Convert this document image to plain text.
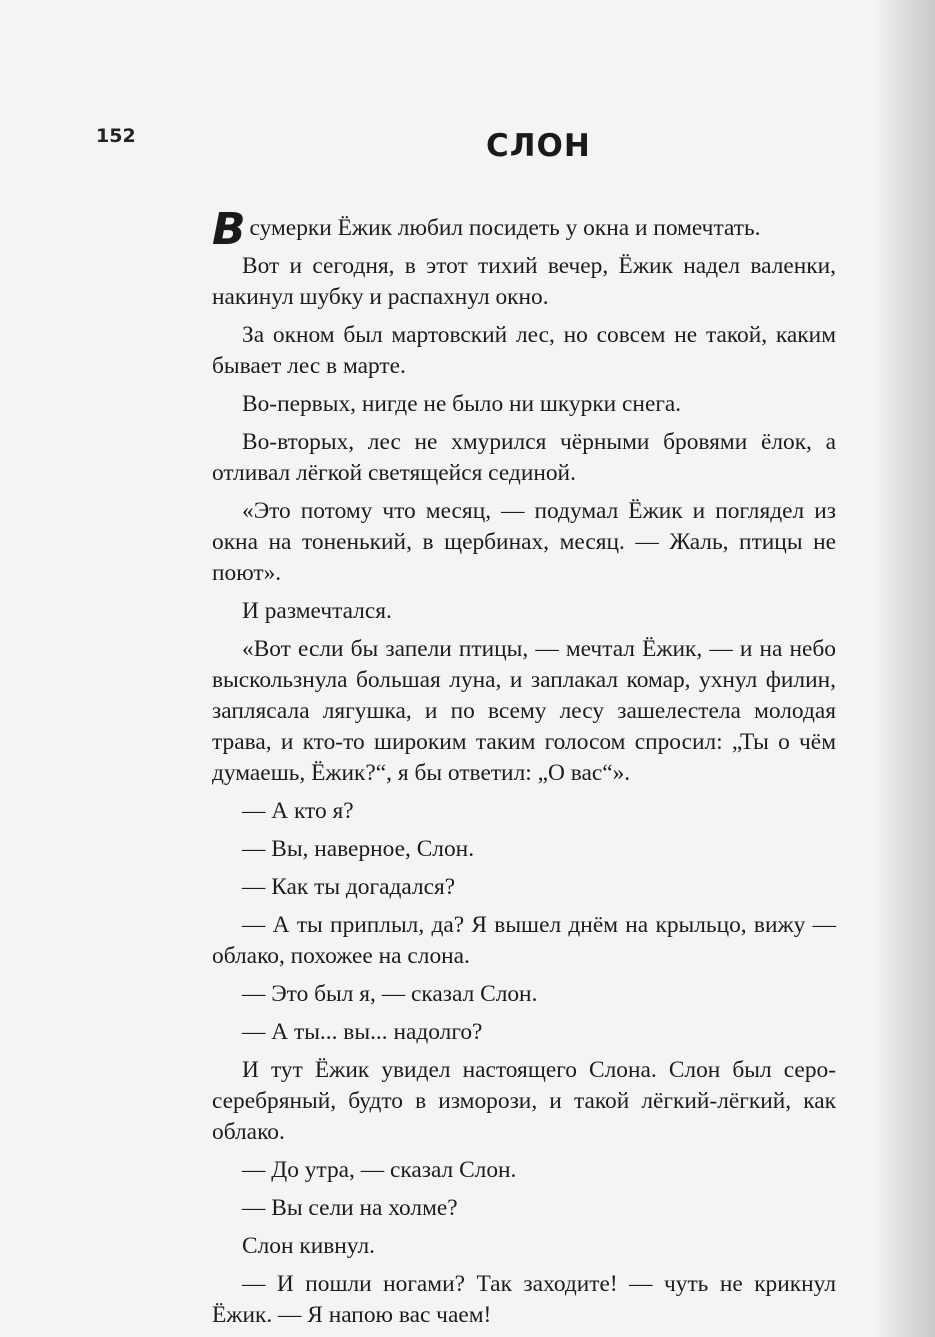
152	СЛОН

В сумерки Ёжик любил посидеть у окна и помечтать.

Вот и сегодня, в этот тихий вечер, Ёжик надел валенки, накинул шубку и распахнул окно.

За окном был мартовский лес, но совсем не такой, каким бывает лес в марте.

Во-первых, нигде не было ни шкурки снега.

Во-вторых, лес не хмурился чёрными бровями ёлок, а отливал лёгкой светящейся сединой.

«Это потому что месяц, — подумал Ёжик и поглядел из окна на тоненький, в щербинах, месяц. — Жаль, птицы не поют».

И размечтался.

«Вот если бы запели птицы, — мечтал Ёжик, — и на небо выскользнула большая луна, и заплакал комар, ухнул филин, заплясала лягушка, и по всему лесу зашелестела молодая трава, и кто-то широким таким голосом спросил: „Ты о чём думаешь, Ёжик?“, я бы ответил: „О вас“».

— А кто я?

— Вы, наверное, Слон.

— Как ты догадался?

— А ты приплыл, да? Я вышел днём на крыльцо, вижу — облако, похожее на слона.

— Это был я, — сказал Слон.

— А ты... вы... надолго?

И тут Ёжик увидел настоящего Слона. Слон был серо-серебряный, будто в изморози, и такой лёгкий-лёгкий, как облако.

— До утра, — сказал Слон.

— Вы сели на холме?

Слон кивнул.

— И пошли ногами? Так заходите! — чуть не крикнул Ёжик. — Я напою вас чаем!
